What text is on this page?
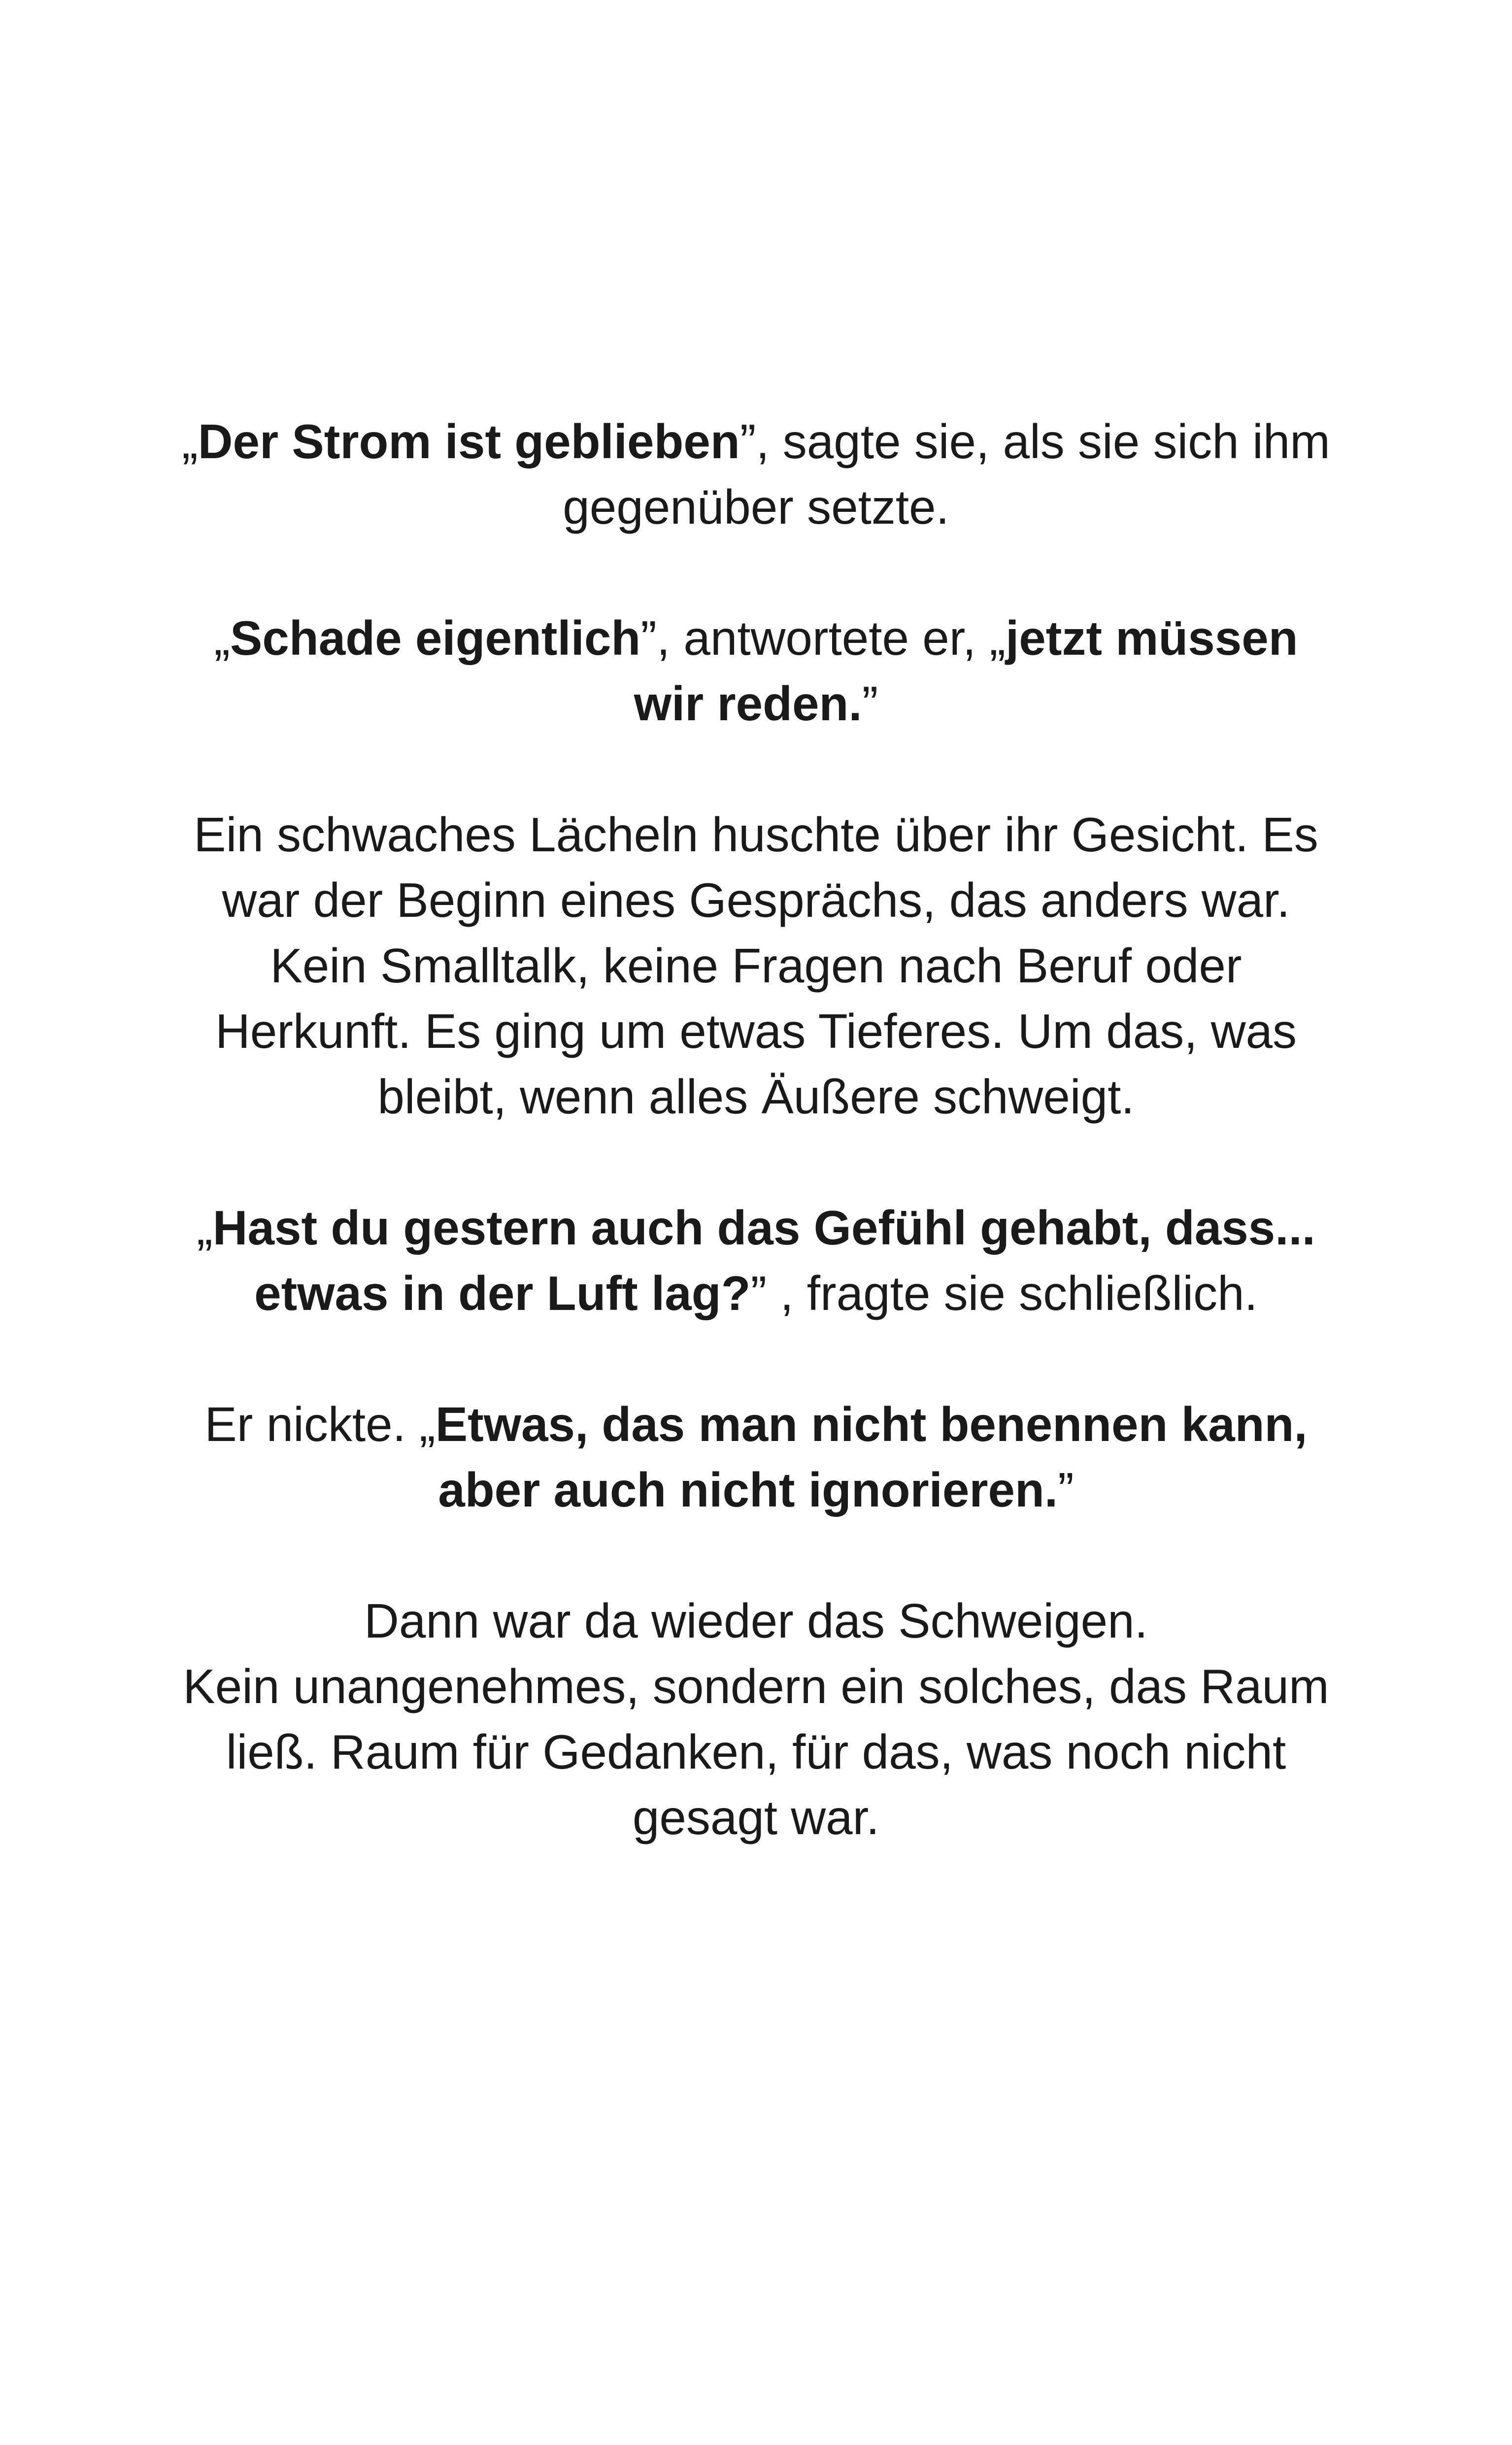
„Der Strom ist geblieben”, sagte sie, als sie sich ihm
gegenüber setzte.

„Schade eigentlich”, antwortete er, „jetzt müssen
wir reden.”

Ein schwaches Lächeln huschte über ihr Gesicht. Es
war der Beginn eines Gesprächs, das anders war.
Kein Smalltalk, keine Fragen nach Beruf oder
Herkunft. Es ging um etwas Tieferes. Um das, was
bleibt, wenn alles Äußere schweigt.

„Hast du gestern auch das Gefühl gehabt, dass...
etwas in der Luft lag?” , fragte sie schließlich.

Er nickte. „Etwas, das man nicht benennen kann,
aber auch nicht ignorieren.”

Dann war da wieder das Schweigen.
Kein unangenehmes, sondern ein solches, das Raum
ließ. Raum für Gedanken, für das, was noch nicht
gesagt war.
